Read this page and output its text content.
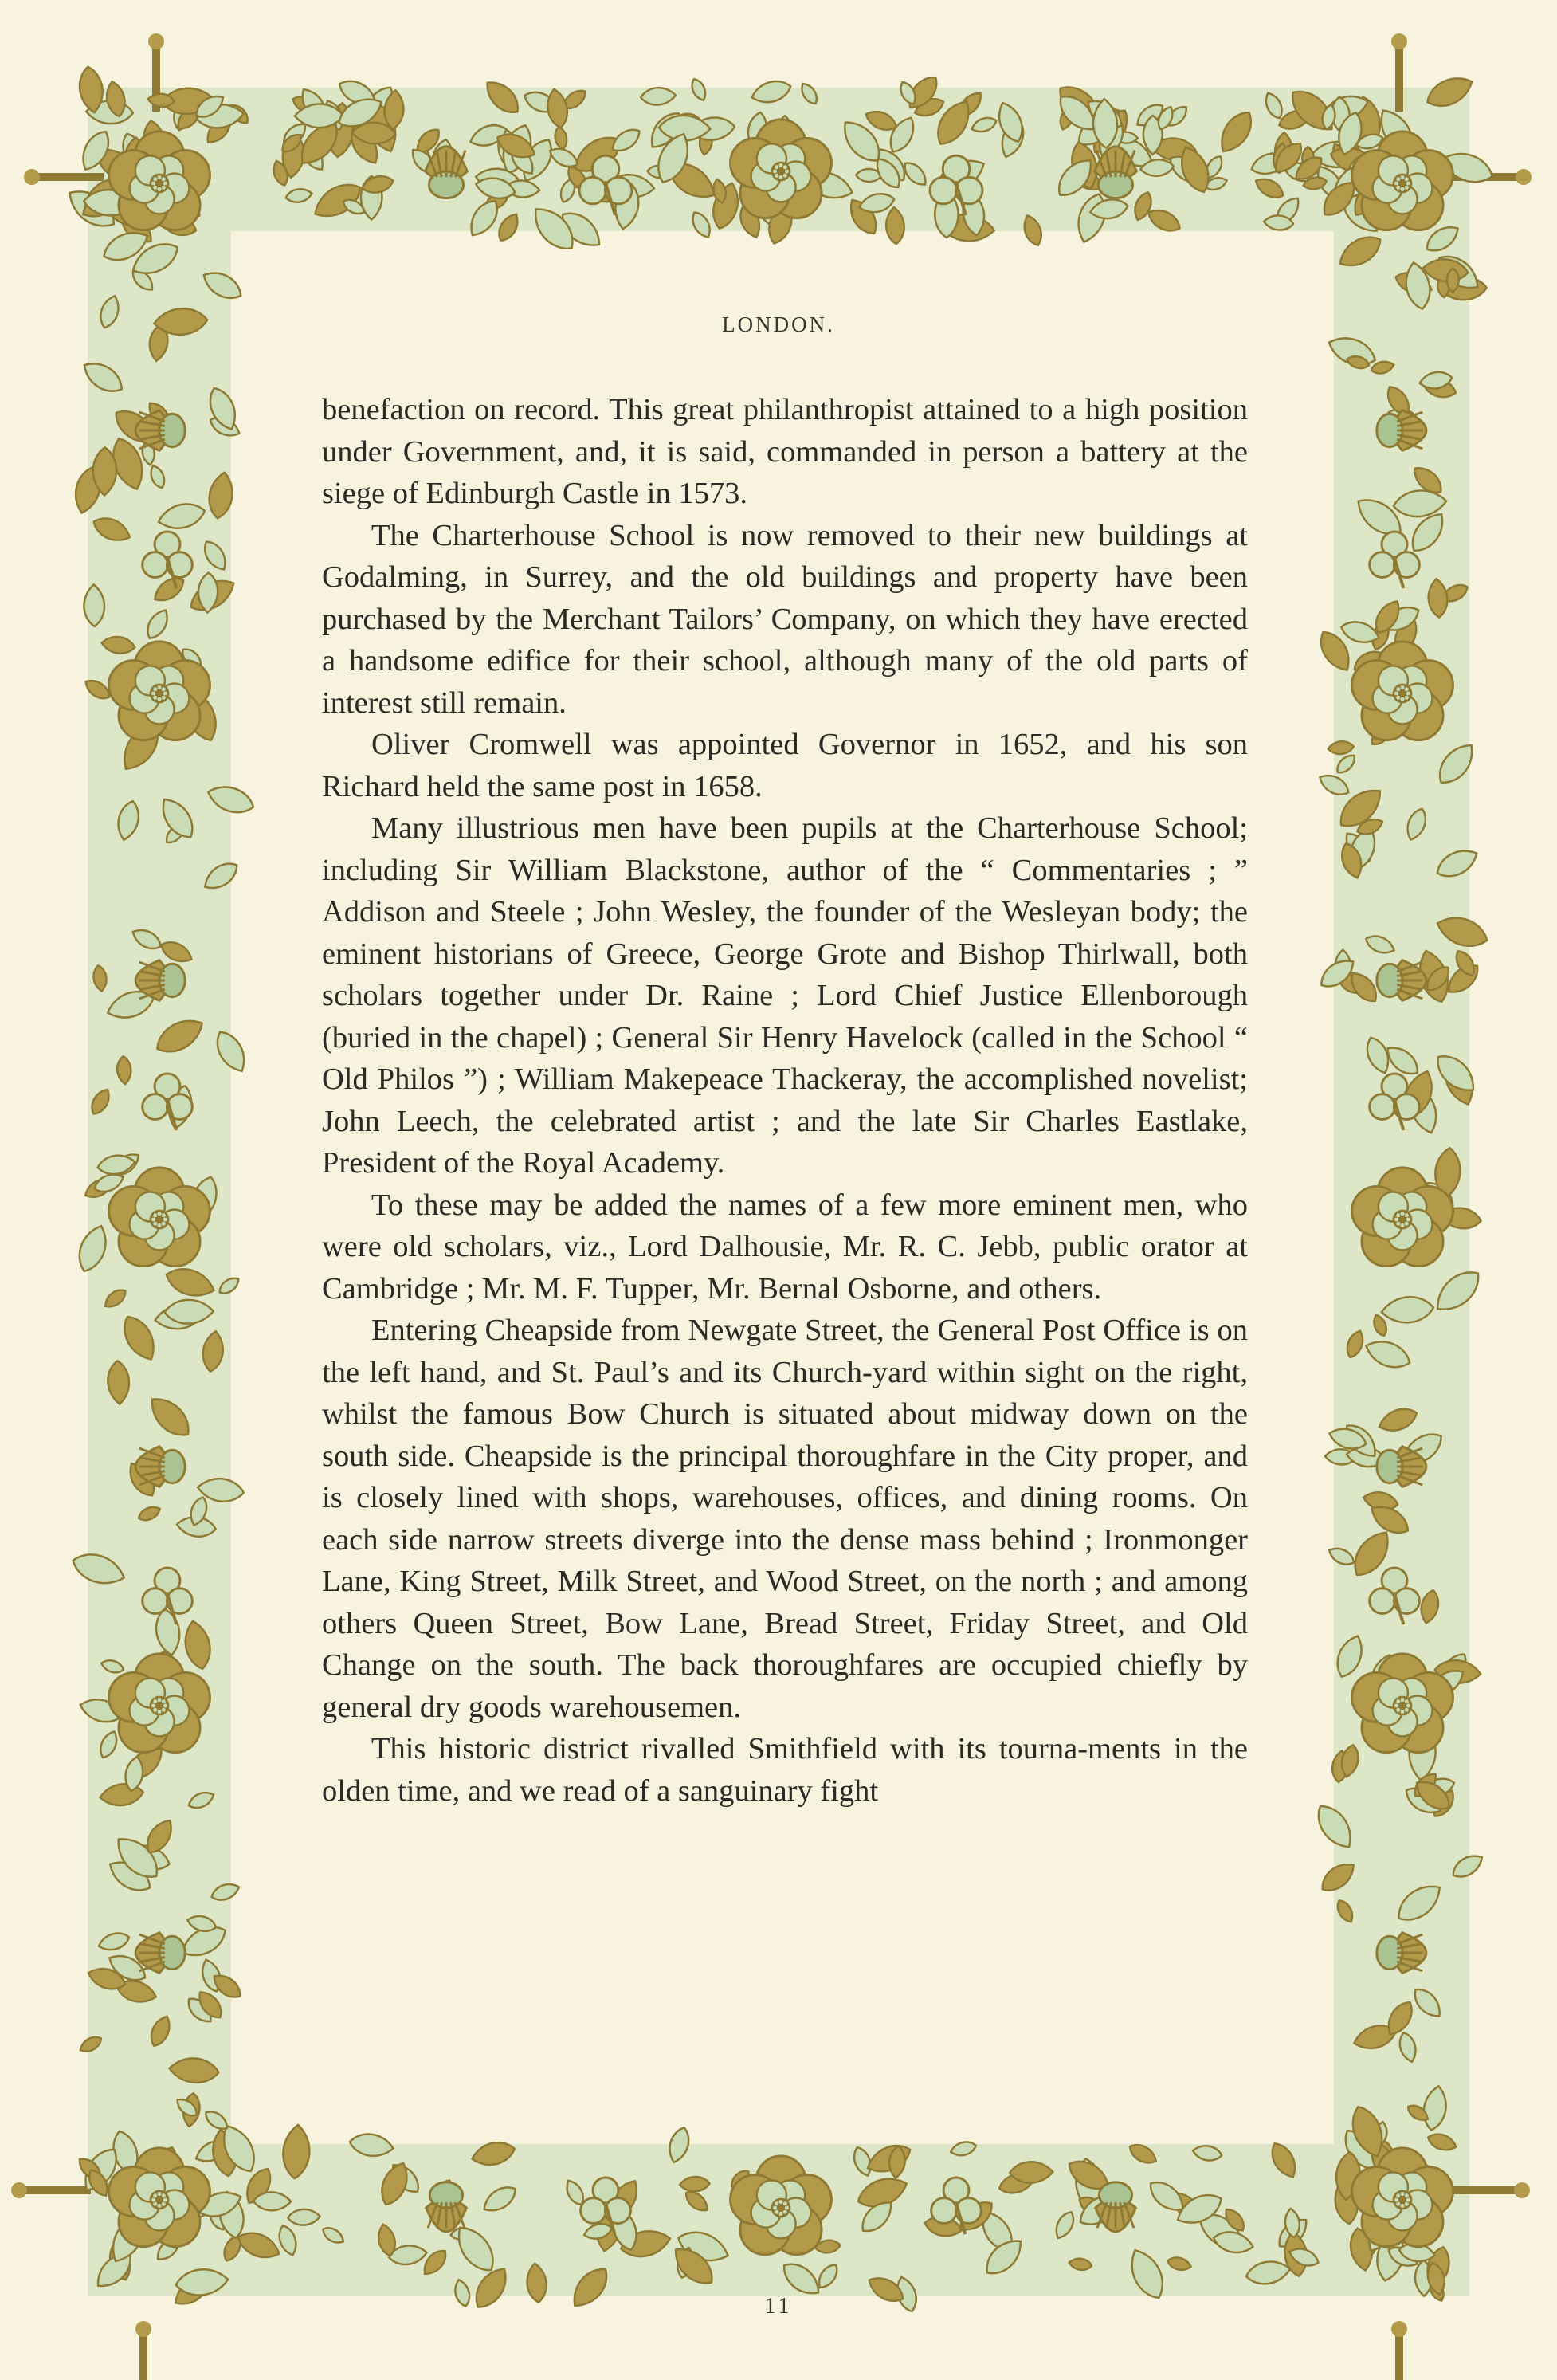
LONDON.

benefaction on record. This great philanthropist attained to a high position under Government, and, it is said, commanded in person a battery at the siege of Edinburgh Castle in 1573.

The Charterhouse School is now removed to their new buildings at Godalming, in Surrey, and the old buildings and property have been purchased by the Merchant Tailors’ Company, on which they have erected a handsome edifice for their school, although many of the old parts of interest still remain.

Oliver Cromwell was appointed Governor in 1652, and his son Richard held the same post in 1658.

Many illustrious men have been pupils at the Charterhouse School; including Sir William Blackstone, author of the “ Commentaries ; ” Addison and Steele ; John Wesley, the founder of the Wesleyan body; the eminent historians of Greece, George Grote and Bishop Thirlwall, both scholars together under Dr. Raine ; Lord Chief Justice Ellenborough (buried in the chapel) ; General Sir Henry Havelock (called in the School “ Old Philos ”) ; William Makepeace Thackeray, the accomplished novelist; John Leech, the celebrated artist ; and the late Sir Charles Eastlake, President of the Royal Academy.

To these may be added the names of a few more eminent men, who were old scholars, viz., Lord Dalhousie, Mr. R. C. Jebb, public orator at Cambridge ; Mr. M. F. Tupper, Mr. Bernal Osborne, and others.

Entering Cheapside from Newgate Street, the General Post Office is on the left hand, and St. Paul’s and its Church-yard within sight on the right, whilst the famous Bow Church is situated about midway down on the south side. Cheapside is the principal thoroughfare in the City proper, and is closely lined with shops, warehouses, offices, and dining rooms. On each side narrow streets diverge into the dense mass behind ; Ironmonger Lane, King Street, Milk Street, and Wood Street, on the north ; and among others Queen Street, Bow Lane, Bread Street, Friday Street, and Old Change on the south. The back thoroughfares are occupied chiefly by general dry goods warehousemen.

This historic district rivalled Smithfield with its tourna-ments in the olden time, and we read of a sanguinary fight

11
